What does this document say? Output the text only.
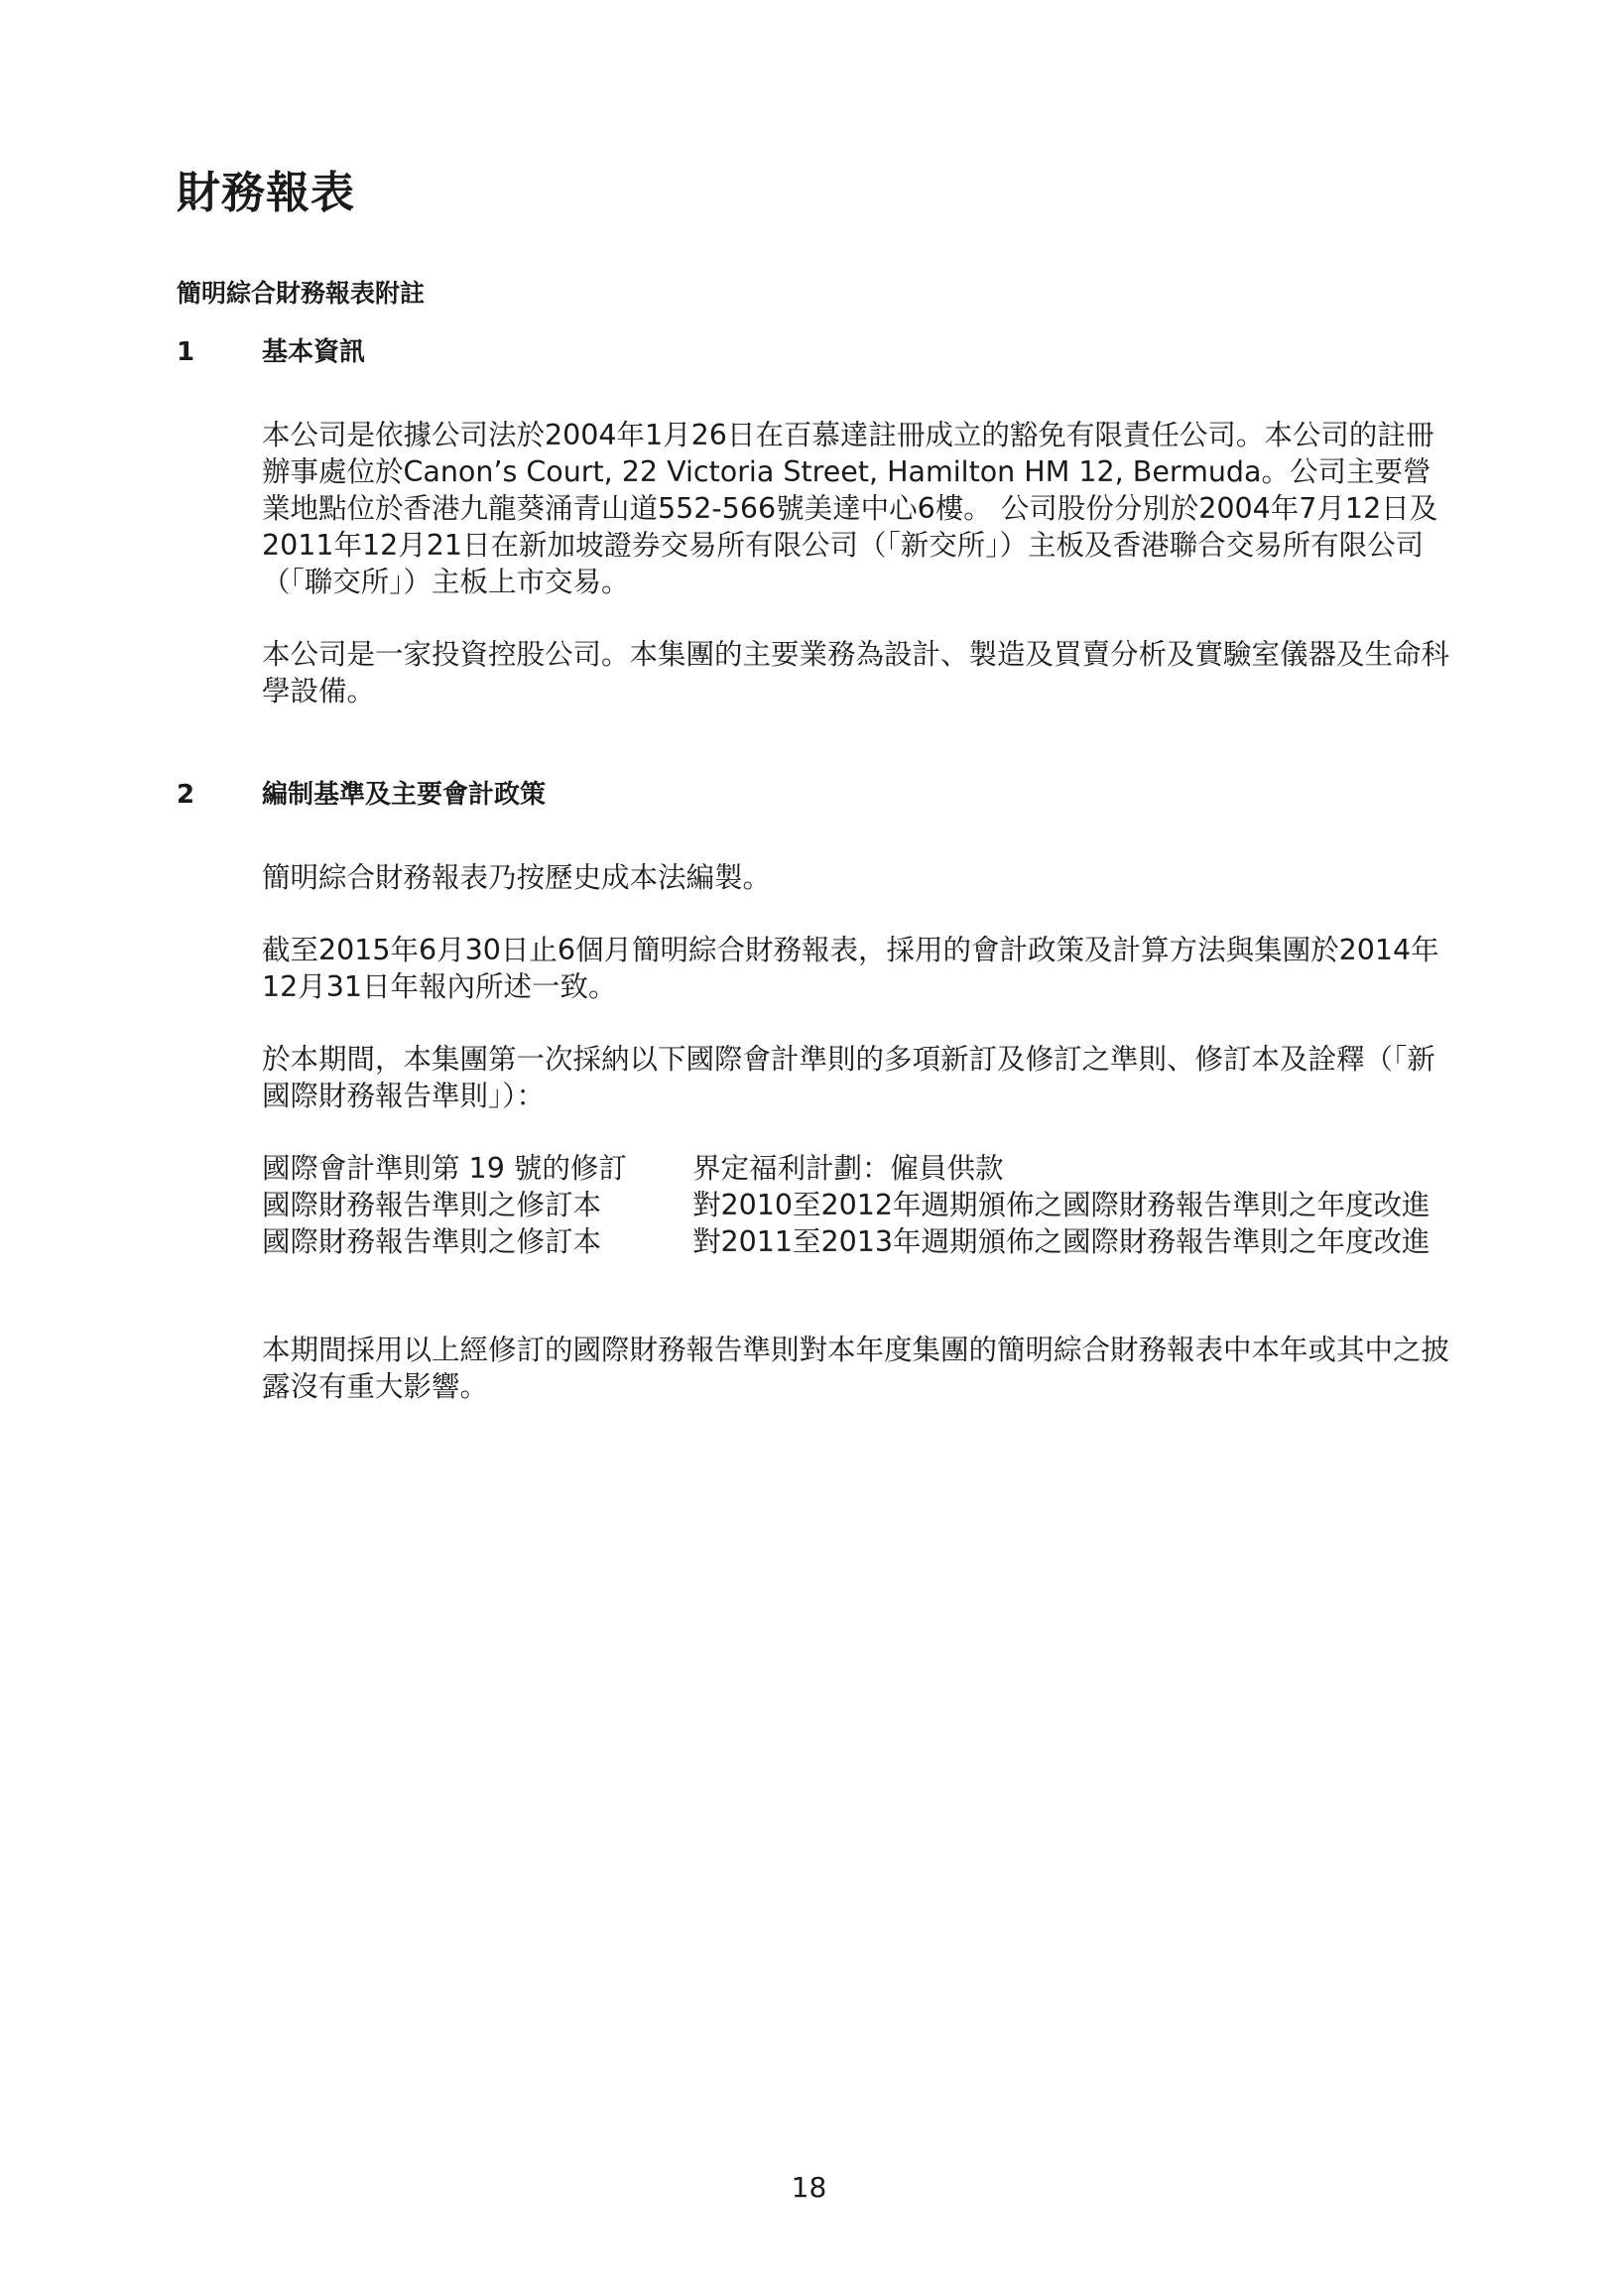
財務報表
簡明綜合財務報表附註
1	基本資訊

本公司是依據公司法於2004年1月26日在百慕達註冊成立的豁免有限責任公司。本公司的註冊辦事處位於Canon’s Court, 22 Victoria Street, Hamilton HM 12, Bermuda。公司主要營業地點位於香港九龍葵涌青山道552-566號美達中心6樓。 公司股份分別於2004年7月12日及2011年12月21日在新加坡證券交易所有限公司（「新交所」）主板及香港聯合交易所有限公司（「聯交所」）主板上市交易。

本公司是一家投資控股公司。本集團的主要業務為設計、製造及買賣分析及實驗室儀器及生命科學設備。

2	編制基準及主要會計政策

簡明綜合財務報表乃按歷史成本法編製。

截至2015年6月30日止6個月簡明綜合財務報表，採用的會計政策及計算方法與集團於2014年12月31日年報內所述一致。

於本期間，本集團第一次採納以下國際會計準則的多項新訂及修訂之準則、修訂本及詮釋（「新國際財務報告準則」）：

國際會計準則第 19 號的修訂	界定福利計劃：僱員供款
國際財務報告準則之修訂本	對2010至2012年週期頒佈之國際財務報告準則之年度改進
國際財務報告準則之修訂本	對2011至2013年週期頒佈之國際財務報告準則之年度改進

本期間採用以上經修訂的國際財務報告準則對本年度集團的簡明綜合財務報表中本年或其中之披露沒有重大影響。

18
